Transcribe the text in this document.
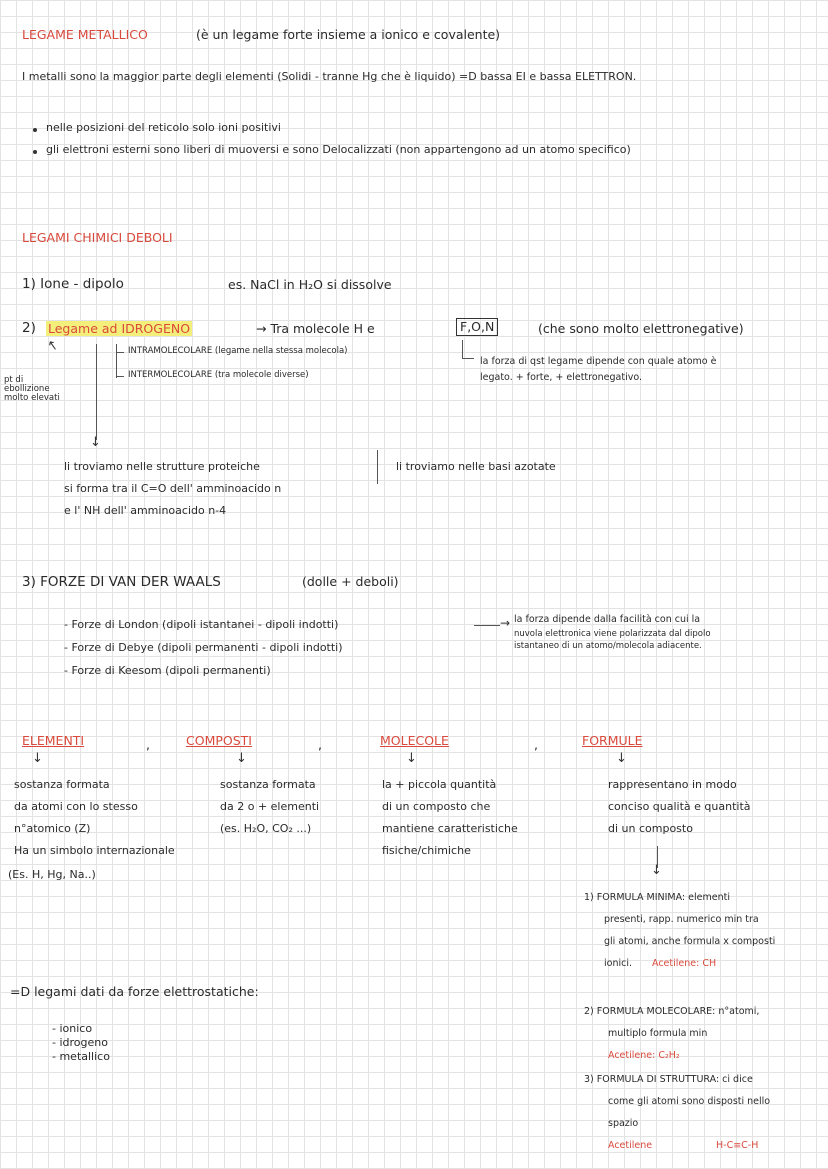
LEGAME METALLICO	(è un legame forte insieme a ionico e covalente)
I metalli sono la maggior parte degli elementi (Solidi - tranne Hg che è liquido) =D bassa EI e bassa ELETTRON.
nelle posizioni del reticolo solo ioni positivi
gli elettroni esterni sono liberi di muoversi e sono Delocalizzati (non appartengono ad un atomo specifico)
LEGAMI CHIMICI DEBOLI
1) Ione - dipolo	es. NaCl in H₂O si dissolve
2) Legame ad IDROGENO	→ Tra molecole H e	F,O,N	(che sono molto elettronegative)
INTRAMOLECOLARE (legame nella stessa molecola)
INTERMOLECOLARE (tra molecole diverse)
la forza di qst legame dipende con quale atomo è
legato. + forte, + elettronegativo.
pt di
ebollizione
molto elevati
↑
↓
li troviamo nelle strutture proteiche
si forma tra il C=O dell' amminoacido n
e l' NH dell' amminoacido n-4
li troviamo nelle basi azotate
3) FORZE DI VAN DER WAALS	(dolle + deboli)
- Forze di London (dipoli istantanei - dipoli indotti)
- Forze di Debye (dipoli permanenti - dipoli indotti)
- Forze di Keesom (dipoli permanenti)
→ la forza dipende dalla facilità con cui la
nuvola elettronica viene polarizzata dal dipolo
istantaneo di un atomo/molecola adiacente.
ELEMENTI	,	COMPOSTI	,	MOLECOLE	,	FORMULE
↓	↓	↓	↓
sostanza formata
da atomi con lo stesso
n°atomico (Z)
Ha un simbolo internazionale
(Es. H, Hg, Na..)
sostanza formata
da 2 o + elementi
(es. H₂O, CO₂ ...)
la + piccola quantità
di un composto che
mantiene caratteristiche
fisiche/chimiche
rappresentano in modo
conciso qualità e quantità
di un composto
↓
=D legami dati da forze elettrostatiche:
- ionico
- idrogeno
- metallico
1) FORMULA MINIMA: elementi
presenti, rapp. numerico min tra
gli atomi, anche formula x composti
ionici. Acetilene: CH
2) FORMULA MOLECOLARE: n°atomi,
multiplo formula min
Acetilene: C₂H₂
3) FORMULA DI STRUTTURA: ci dice
come gli atomi sono disposti nello
spazio
Acetilene	H-C≡C-H
